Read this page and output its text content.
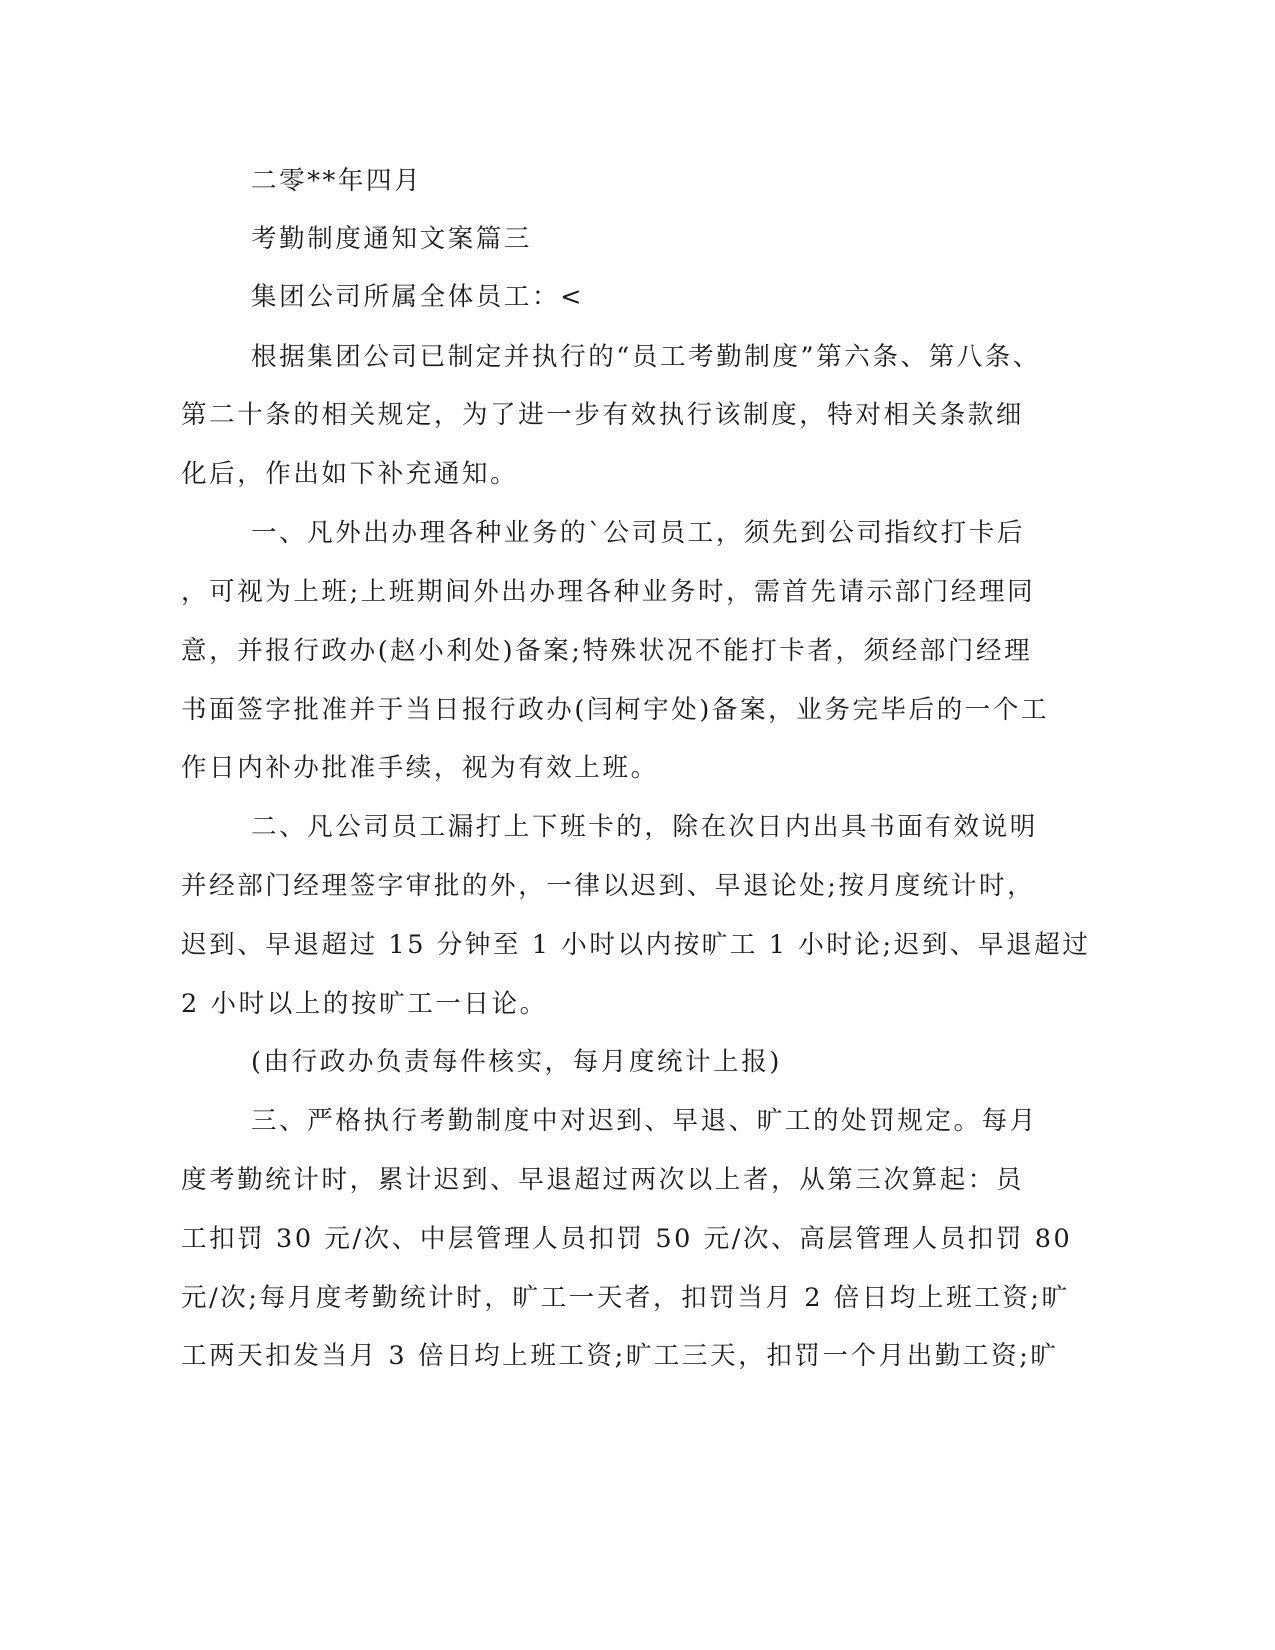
二零**年四月
考勤制度通知文案篇三
集团公司所属全体员工：<
根据集团公司已制定并执行的“员工考勤制度”第六条、第八条、
第二十条的相关规定，为了进一步有效执行该制度，特对相关条款细
化后，作出如下补充通知。
一、凡外出办理各种业务的`公司员工，须先到公司指纹打卡后
，可视为上班;上班期间外出办理各种业务时，需首先请示部门经理同
意，并报行政办(赵小利处)备案;特殊状况不能打卡者，须经部门经理
书面签字批准并于当日报行政办(闫柯宇处)备案，业务完毕后的一个工
作日内补办批准手续，视为有效上班。
二、凡公司员工漏打上下班卡的，除在次日内出具书面有效说明
并经部门经理签字审批的外，一律以迟到、早退论处;按月度统计时，
迟到、早退超过 15 分钟至 1 小时以内按旷工 1 小时论;迟到、早退超过
2 小时以上的按旷工一日论。
(由行政办负责每件核实，每月度统计上报)
三、严格执行考勤制度中对迟到、早退、旷工的处罚规定。每月
度考勤统计时，累计迟到、早退超过两次以上者，从第三次算起：员
工扣罚 30 元/次、中层管理人员扣罚 50 元/次、高层管理人员扣罚 80
元/次;每月度考勤统计时，旷工一天者，扣罚当月 2 倍日均上班工资;旷
工两天扣发当月 3 倍日均上班工资;旷工三天，扣罚一个月出勤工资;旷
